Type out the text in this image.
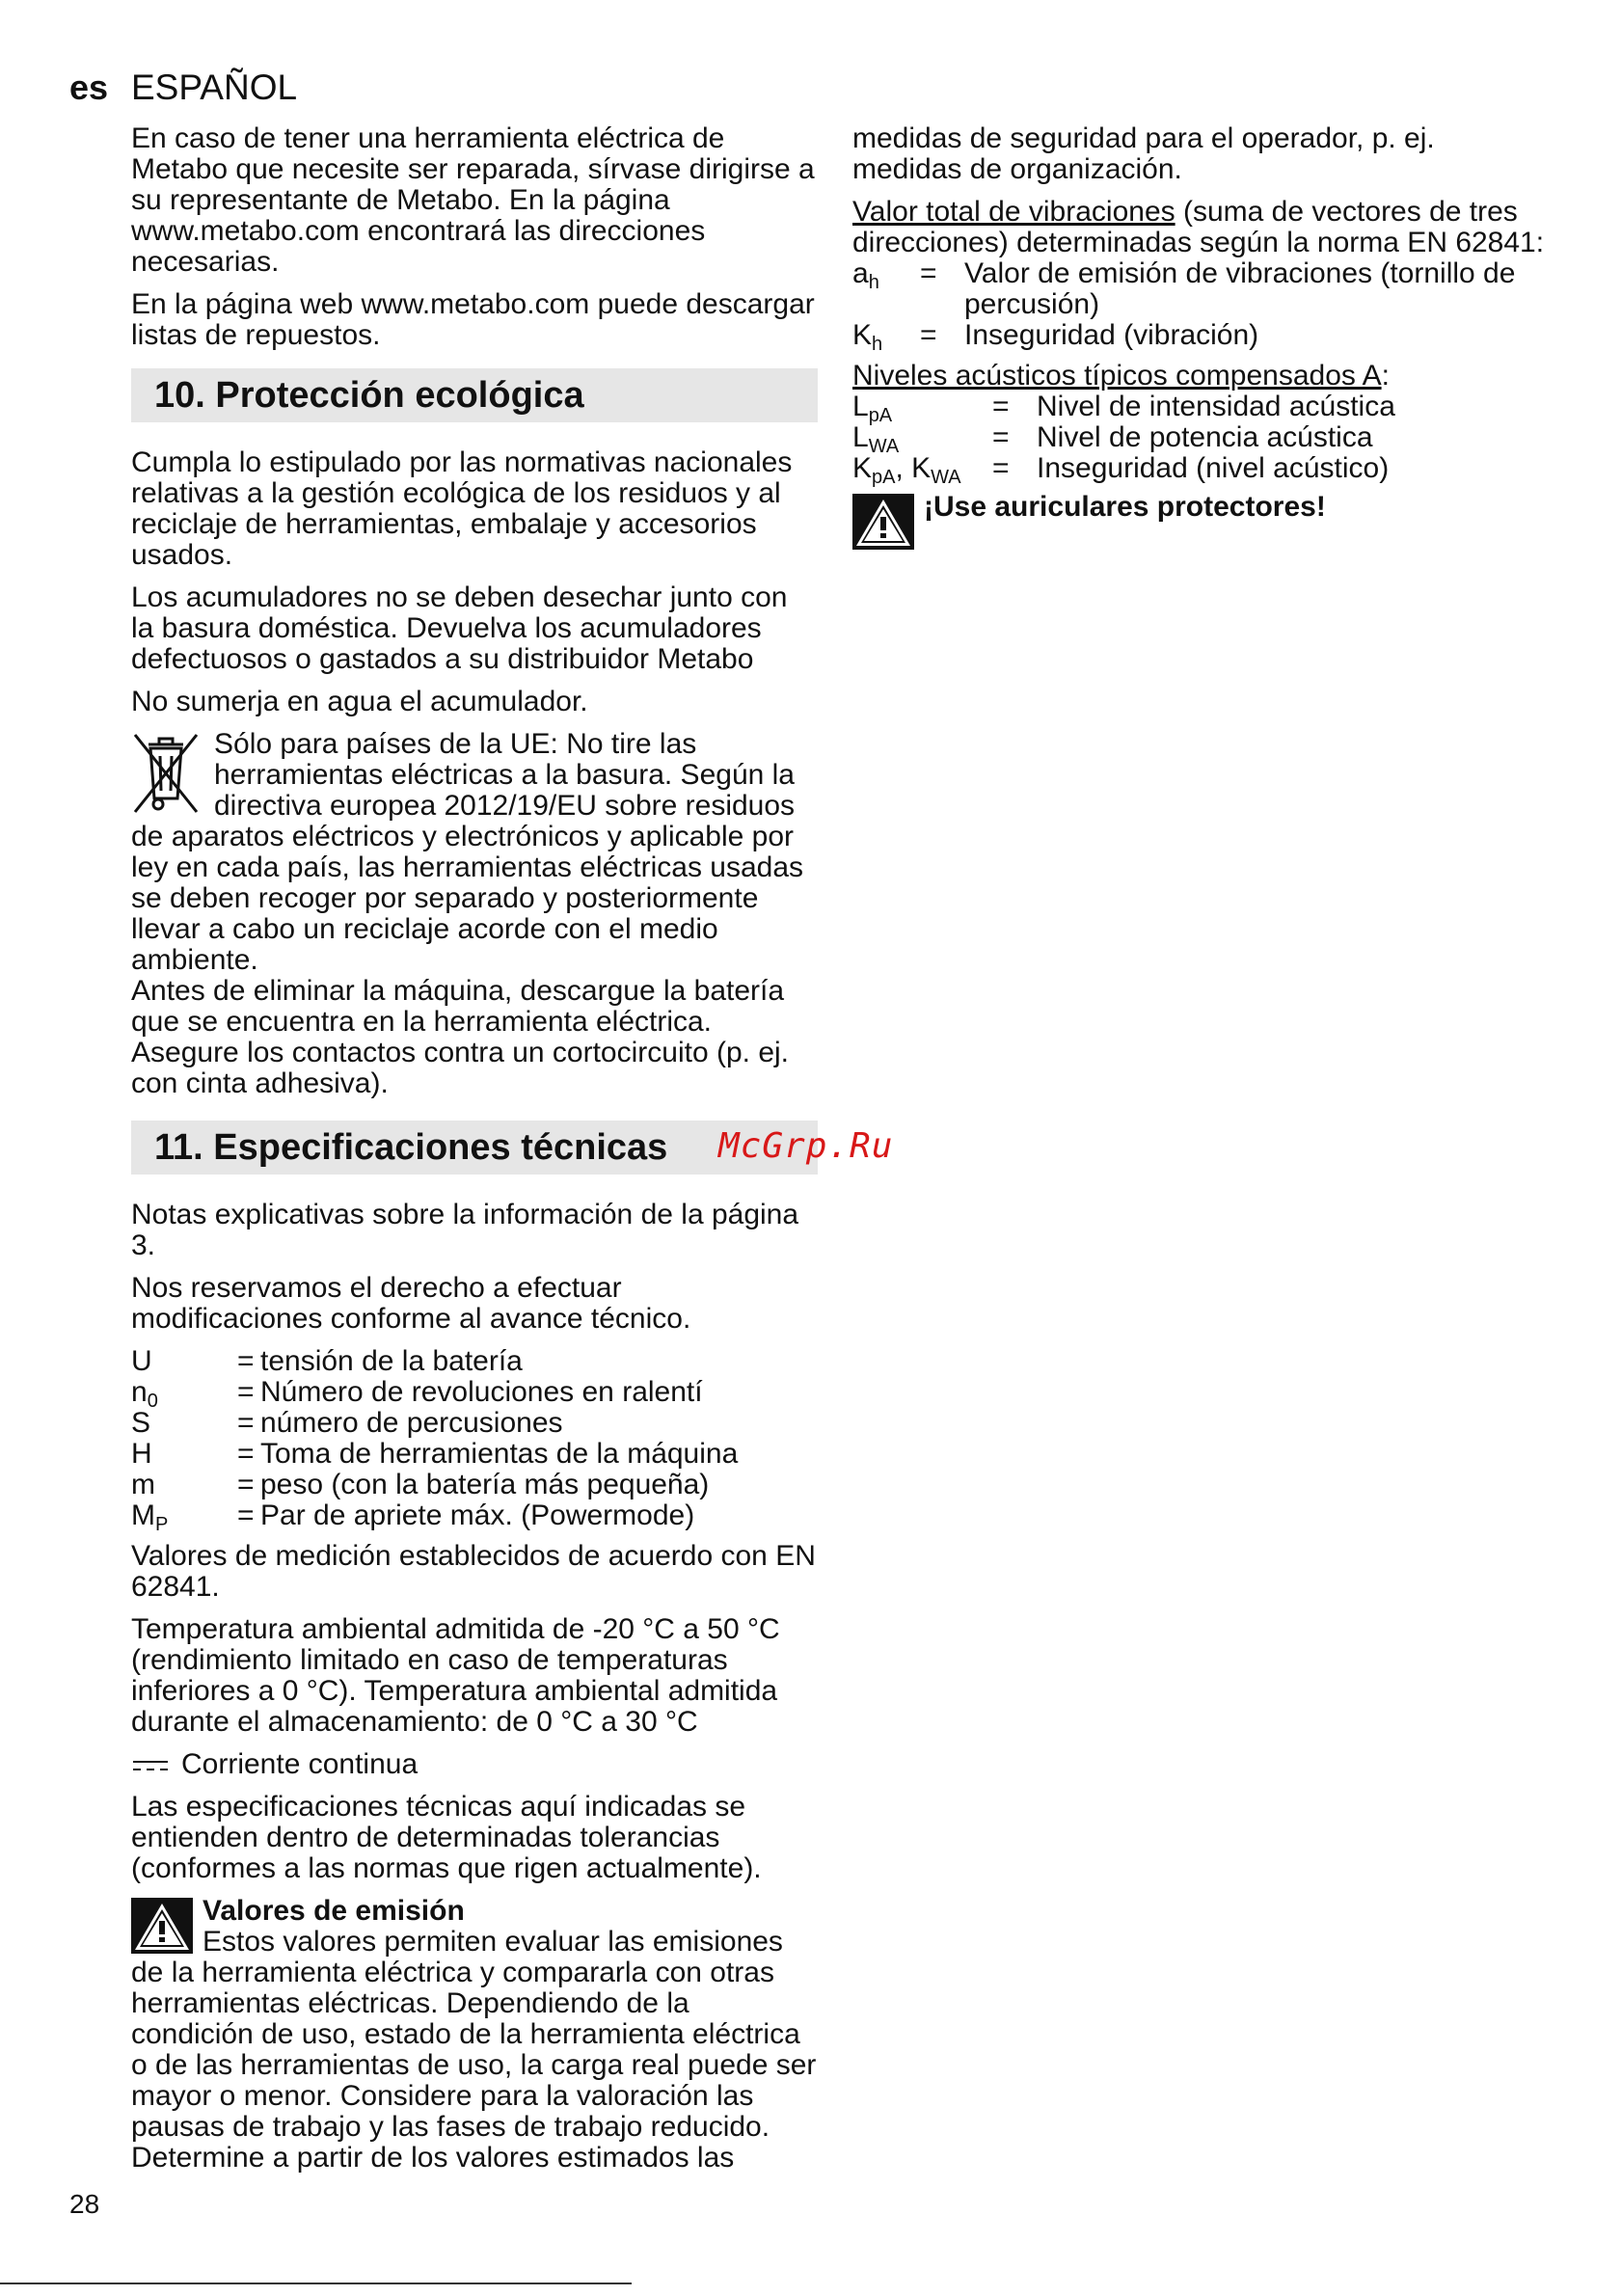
es ESPAÑOL

En caso de tener una herramienta eléctrica de Metabo que necesite ser reparada, sírvase dirigirse a su representante de Metabo. En la página www.metabo.com encontrará las direcciones necesarias.

En la página web www.metabo.com puede descargar listas de repuestos.

10. Protección ecológica

Cumpla lo estipulado por las normativas nacionales relativas a la gestión ecológica de los residuos y al reciclaje de herramientas, embalaje y accesorios usados.

Los acumuladores no se deben desechar junto con la basura doméstica. Devuelva los acumuladores defectuosos o gastados a su distribuidor Metabo

No sumerja en agua el acumulador.

Sólo para países de la UE: No tire las herramientas eléctricas a la basura. Según la directiva europea 2012/19/EU sobre residuos de aparatos eléctricos y electrónicos y aplicable por ley en cada país, las herramientas eléctricas usadas se deben recoger por separado y posteriormente llevar a cabo un reciclaje acorde con el medio ambiente.

Antes de eliminar la máquina, descargue la batería que se encuentra en la herramienta eléctrica. Asegure los contactos contra un cortocircuito (p. ej. con cinta adhesiva).

11. Especificaciones técnicas

Notas explicativas sobre la información de la página 3.

Nos reservamos el derecho a efectuar modificaciones conforme al avance técnico.

U	= tensión de la batería
$n_0$	= Número de revoluciones en ralentí
S	= número de percusiones
H	= Toma de herramientas de la máquina
m	= peso (con la batería más pequeña)
$M_P$	= Par de apriete máx. (Powermode)

Valores de medición establecidos de acuerdo con EN 62841.

Temperatura ambiental admitida de -20 °C a 50 °C (rendimiento limitado en caso de temperaturas inferiores a 0 °C). Temperatura ambiental admitida durante el almacenamiento: de 0 °C a 30 °C

Corriente continua

Las especificaciones técnicas aquí indicadas se entienden dentro de determinadas tolerancias (conformes a las normas que rigen actualmente).

Valores de emisión
Estos valores permiten evaluar las emisiones de la herramienta eléctrica y compararla con otras herramientas eléctricas. Dependiendo de la condición de uso, estado de la herramienta eléctrica o de las herramientas de uso, la carga real puede ser mayor o menor. Considere para la valoración las pausas de trabajo y las fases de trabajo reducido. Determine a partir de los valores estimados las

medidas de seguridad para el operador, p. ej. medidas de organización.

Valor total de vibraciones (suma de vectores de tres direcciones) determinadas según la norma EN 62841:

$a_h$	= Valor de emisión de vibraciones (tornillo de percusión)
$K_h$	= Inseguridad (vibración)
Niveles acústicos típicos compensados A:
$L_{pA}$	= Nivel de intensidad acústica
$L_{WA}$	= Nivel de potencia acústica
$K_{pA}$, $K_{WA}$	= Inseguridad (nivel acústico)
¡Use auriculares protectores!
McGrp.Ru
28
